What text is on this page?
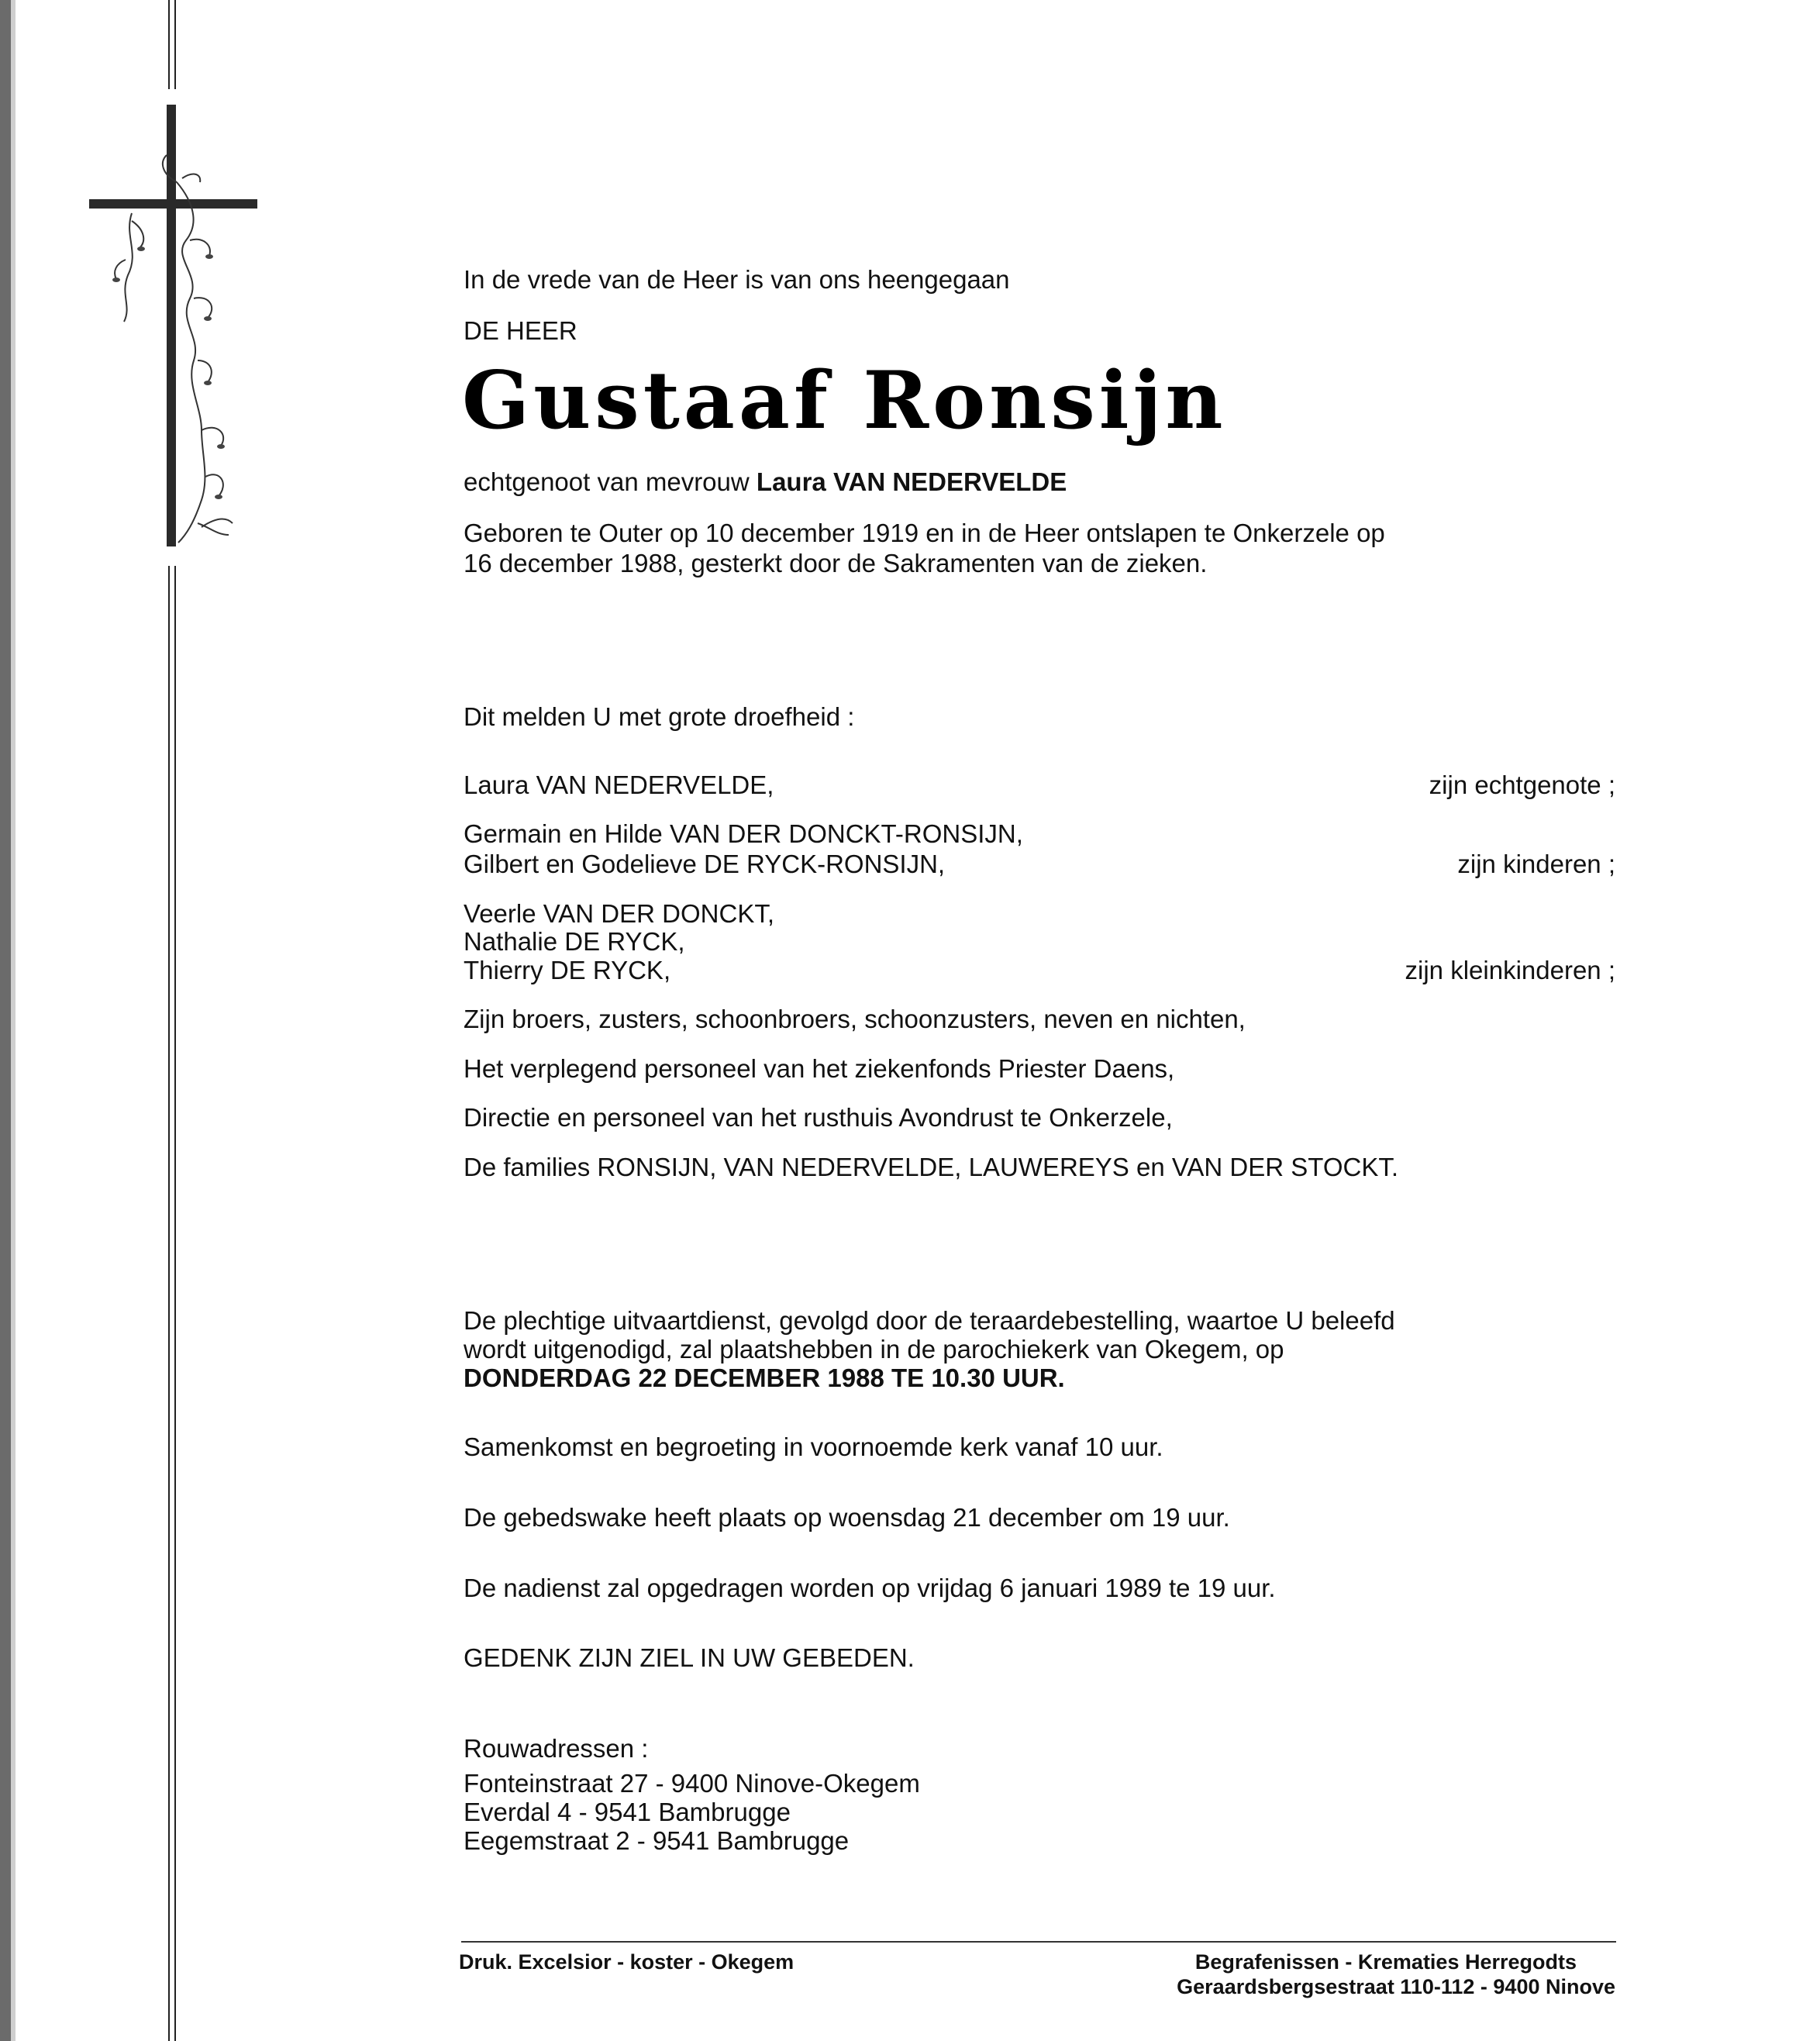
In de vrede van de Heer is van ons heengegaan
DE HEER
Gustaaf Ronsijn
echtgenoot van mevrouw Laura VAN NEDERVELDE
Geboren te Outer op 10 december 1919 en in de Heer ontslapen te Onkerzele op
16 december 1988, gesterkt door de Sakramenten van de zieken.
Dit melden U met grote droefheid :
Laura VAN NEDERVELDE,	zijn echtgenote ;
Germain en Hilde VAN DER DONCKT-RONSIJN,
Gilbert en Godelieve DE RYCK-RONSIJN,	zijn kinderen ;
Veerle VAN DER DONCKT,
Nathalie DE RYCK,
Thierry DE RYCK,	zijn kleinkinderen ;
Zijn broers, zusters, schoonbroers, schoonzusters, neven en nichten,
Het verplegend personeel van het ziekenfonds Priester Daens,
Directie en personeel van het rusthuis Avondrust te Onkerzele,
De families RONSIJN, VAN NEDERVELDE, LAUWEREYS en VAN DER STOCKT.
De plechtige uitvaartdienst, gevolgd door de teraardebestelling, waartoe U beleefd
wordt uitgenodigd, zal plaatshebben in de parochiekerk van Okegem, op
DONDERDAG 22 DECEMBER 1988 TE 10.30 UUR.
Samenkomst en begroeting in voornoemde kerk vanaf 10 uur.
De gebedswake heeft plaats op woensdag 21 december om 19 uur.
De nadienst zal opgedragen worden op vrijdag 6 januari 1989 te 19 uur.
GEDENK ZIJN ZIEL IN UW GEBEDEN.
Rouwadressen :
Fonteinstraat 27 - 9400 Ninove-Okegem
Everdal 4 - 9541 Bambrugge
Eegemstraat 2 - 9541 Bambrugge
Druk. Excelsior - koster - Okegem	Begrafenissen - Krematies Herregodts
Geraardsbergsestraat 110-112 - 9400 Ninove
